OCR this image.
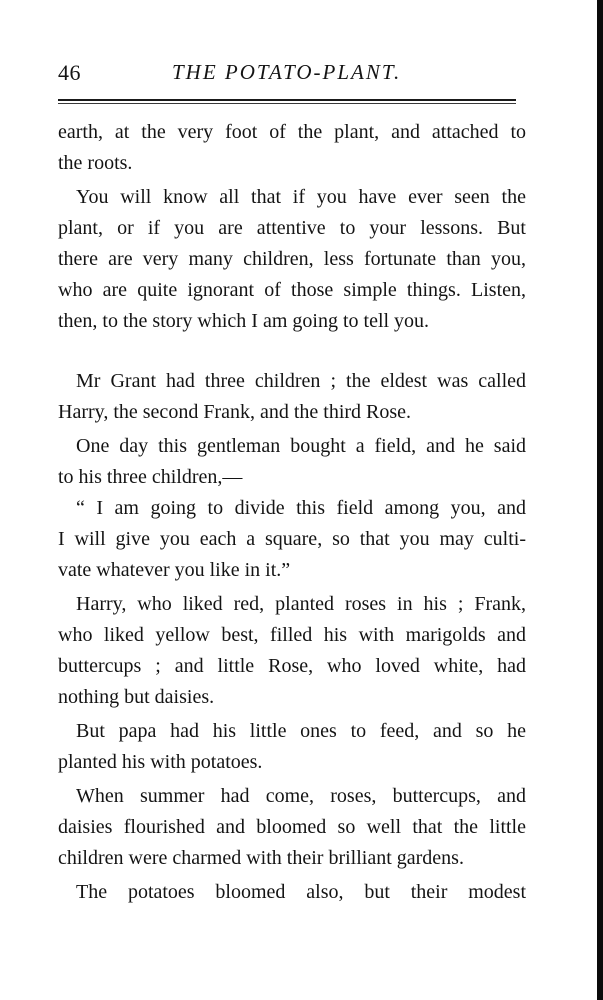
46	THE POTATO-PLANT.
earth, at the very foot of the plant, and attached to
the roots.
You will know all that if you have ever seen the
plant, or if you are attentive to your lessons. But
there are very many children, less fortunate than you,
who are quite ignorant of those simple things. Listen,
then, to the story which I am going to tell you.
Mr Grant had three children ; the eldest was called
Harry, the second Frank, and the third Rose.
One day this gentleman bought a field, and he said
to his three children,—
“ I am going to divide this field among you, and
I will give you each a square, so that you may culti-
vate whatever you like in it.”
Harry, who liked red, planted roses in his ; Frank,
who liked yellow best, filled his with marigolds and
buttercups ; and little Rose, who loved white, had
nothing but daisies.
But papa had his little ones to feed, and so he
planted his with potatoes.
When summer had come, roses, buttercups, and
daisies flourished and bloomed so well that the little
children were charmed with their brilliant gardens.
The potatoes bloomed also, but their modest
